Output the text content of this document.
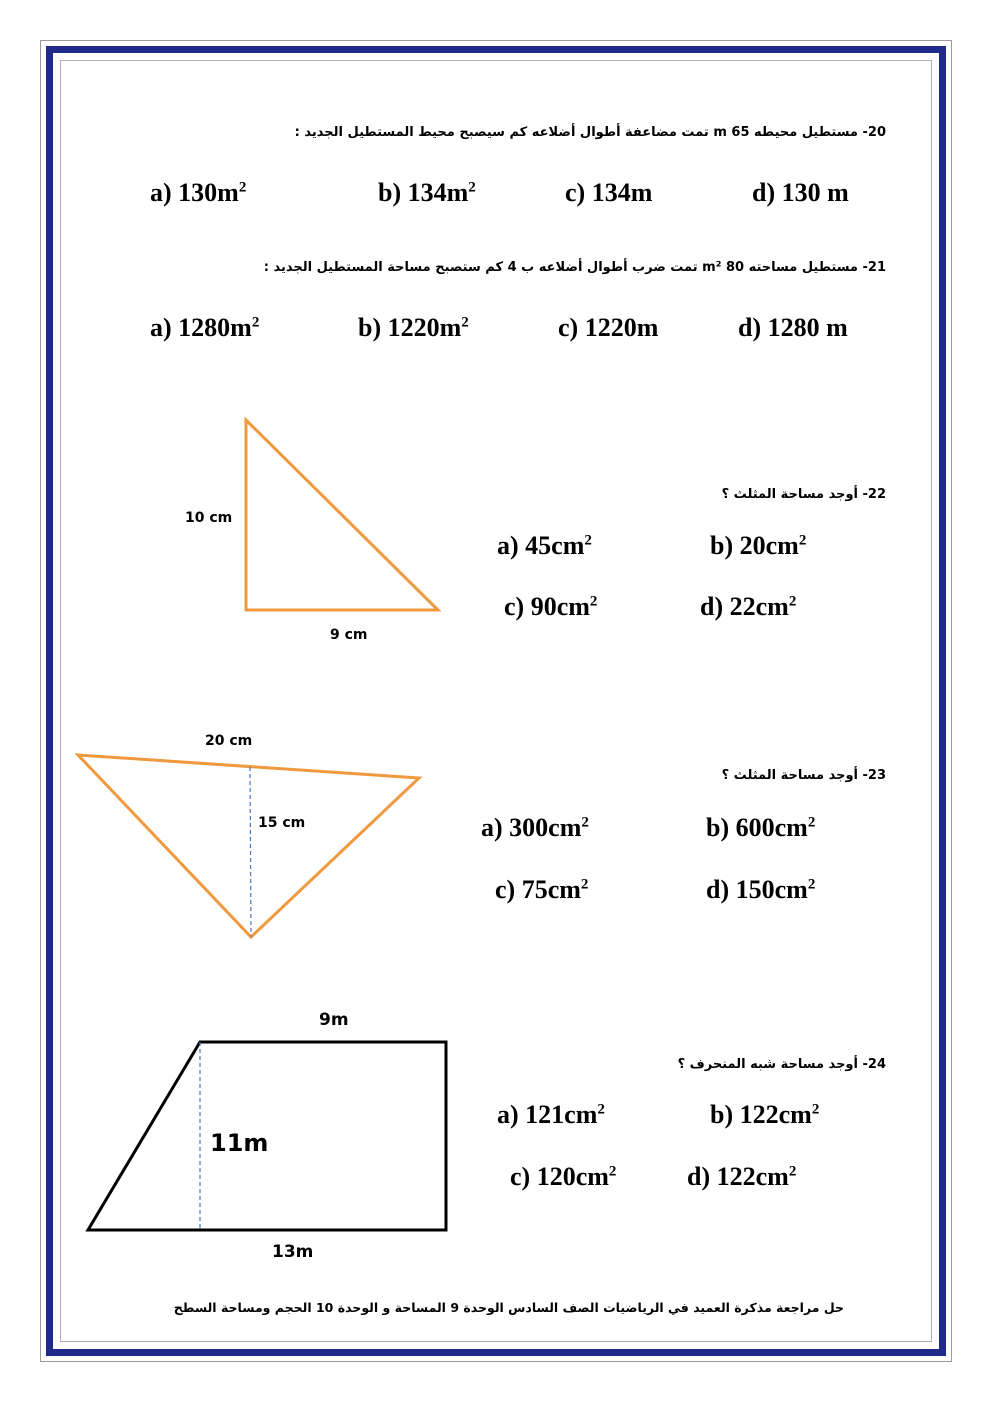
20- مستطيل محيطه 65 m تمت مضاعفة أطوال أضلاعه كم سيصبح محيط المستطيل الجديد :
a) $130m^2$	b) $134m^2$	c) 134m	d) 130 m
21- مستطيل مساحته 80 m² تمت ضرب أطوال أضلاعه ب 4 كم ستصبح مساحة المستطيل الجديد :
a) $1280m^2$	b) $1220m^2$	c) 1220m	d) 1280 m
10 cm
9 cm
22- أوجد مساحة المثلث ؟
a) $45cm^2$	b) $20cm^2$
c) $90cm^2$	d) $22cm^2$
20 cm
15 cm
23- أوجد مساحة المثلث ؟
a) $300cm^2$	b) $600cm^2$
c) $75cm^2$	d) $150cm^2$
9m
11m
13m
24- أوجد مساحة شبه المنحرف ؟
a) $121cm^2$	b) $122cm^2$
c) $120cm^2$	d) $122cm^2$
حل مراجعة مذكرة العميد في الرياضيات الصف السادس الوحدة 9 المساحة و الوحدة 10 الحجم ومساحة السطح
